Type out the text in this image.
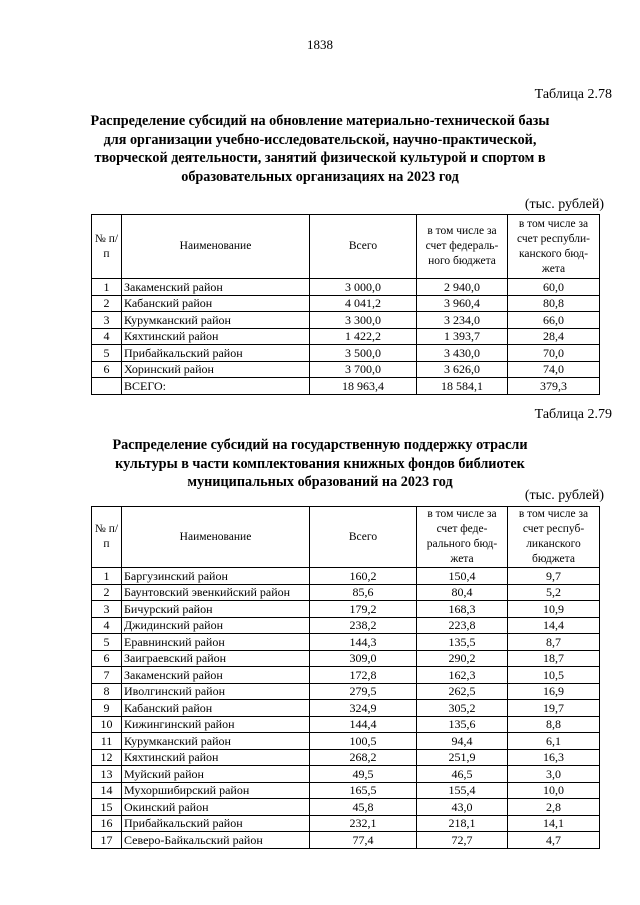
1838
Таблица 2.78
Распределение субсидий на обновление материально-технической базы для организации учебно-исследовательской, научно-практической, творческой деятельности, занятий физической культурой и спортом в образовательных организациях на 2023 год
(тыс. рублей)
№ п/п	Наименование	Всего	в том числе за счет федераль-ного бюджета	в том числе за счет республи-канского бюд-жета
1	Закаменский район	3 000,0	2 940,0	60,0
2	Кабанский район	4 041,2	3 960,4	80,8
3	Курумканский район	3 300,0	3 234,0	66,0
4	Кяхтинский район	1 422,2	1 393,7	28,4
5	Прибайкальский район	3 500,0	3 430,0	70,0
6	Хоринский район	3 700,0	3 626,0	74,0
	ВСЕГО:	18 963,4	18 584,1	379,3
Таблица 2.79
Распределение субсидий на государственную поддержку отрасли культуры в части комплектования книжных фондов библиотек муниципальных образований на 2023 год
(тыс. рублей)
№ п/п	Наименование	Всего	в том числе за счет феде-рального бюд-жета	в том числе за счет респуб-ликанского бюджета
1	Баргузинский район	160,2	150,4	9,7
2	Баунтовский эвенкийский район	85,6	80,4	5,2
3	Бичурский район	179,2	168,3	10,9
4	Джидинский район	238,2	223,8	14,4
5	Еравнинский район	144,3	135,5	8,7
6	Заиграевский район	309,0	290,2	18,7
7	Закаменский район	172,8	162,3	10,5
8	Иволгинский район	279,5	262,5	16,9
9	Кабанский район	324,9	305,2	19,7
10	Кижингинский район	144,4	135,6	8,8
11	Курумканский район	100,5	94,4	6,1
12	Кяхтинский район	268,2	251,9	16,3
13	Муйский район	49,5	46,5	3,0
14	Мухоршибирский район	165,5	155,4	10,0
15	Окинский район	45,8	43,0	2,8
16	Прибайкальский район	232,1	218,1	14,1
17	Северо-Байкальский район	77,4	72,7	4,7
